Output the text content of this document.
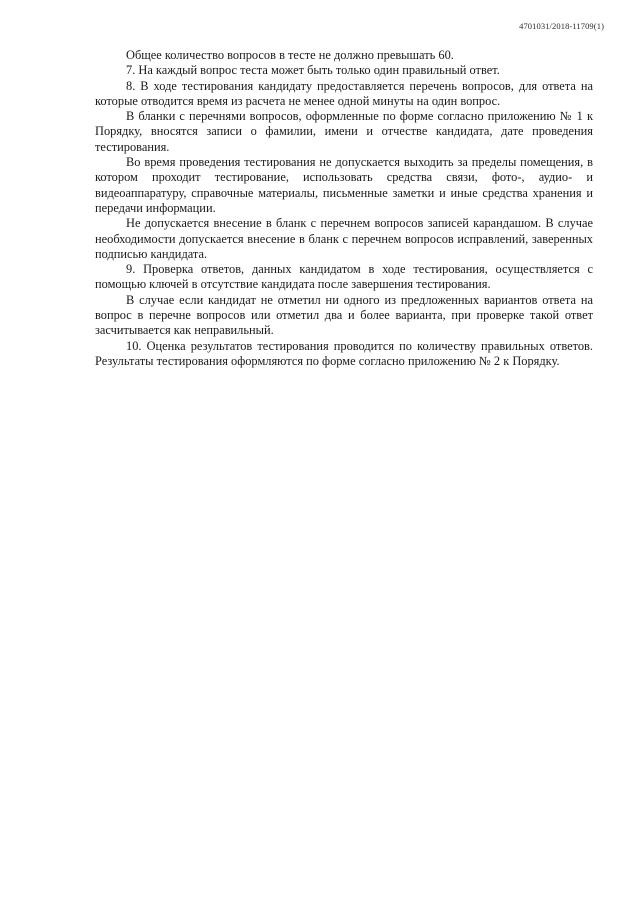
4701031/2018-11709(1)

Общее количество вопросов в тесте не должно превышать 60.

7. На каждый вопрос теста может быть только один правильный ответ.

8. В ходе тестирования кандидату предоставляется перечень вопросов, для ответа на которые отводится время из расчета не менее одной минуты на один вопрос.

В бланки с перечнями вопросов, оформленные по форме согласно приложению № 1 к Порядку, вносятся записи о фамилии, имени и отчестве кандидата, дате проведения тестирования.

Во время проведения тестирования не допускается выходить за пределы помещения, в котором проходит тестирование, использовать средства связи, фото-, аудио- и видеоаппаратуру, справочные материалы, письменные заметки и иные средства хранения и передачи информации.

Не допускается внесение в бланк с перечнем вопросов записей карандашом. В случае необходимости допускается внесение в бланк с перечнем вопросов исправлений, заверенных подписью кандидата.

9. Проверка ответов, данных кандидатом в ходе тестирования, осуществляется с помощью ключей в отсутствие кандидата после завершения тестирования.

В случае если кандидат не отметил ни одного из предложенных вариантов ответа на вопрос в перечне вопросов или отметил два и более варианта, при проверке такой ответ засчитывается как неправильный.

10. Оценка результатов тестирования проводится по количеству правильных ответов. Результаты тестирования оформляются по форме согласно приложению № 2 к Порядку.
